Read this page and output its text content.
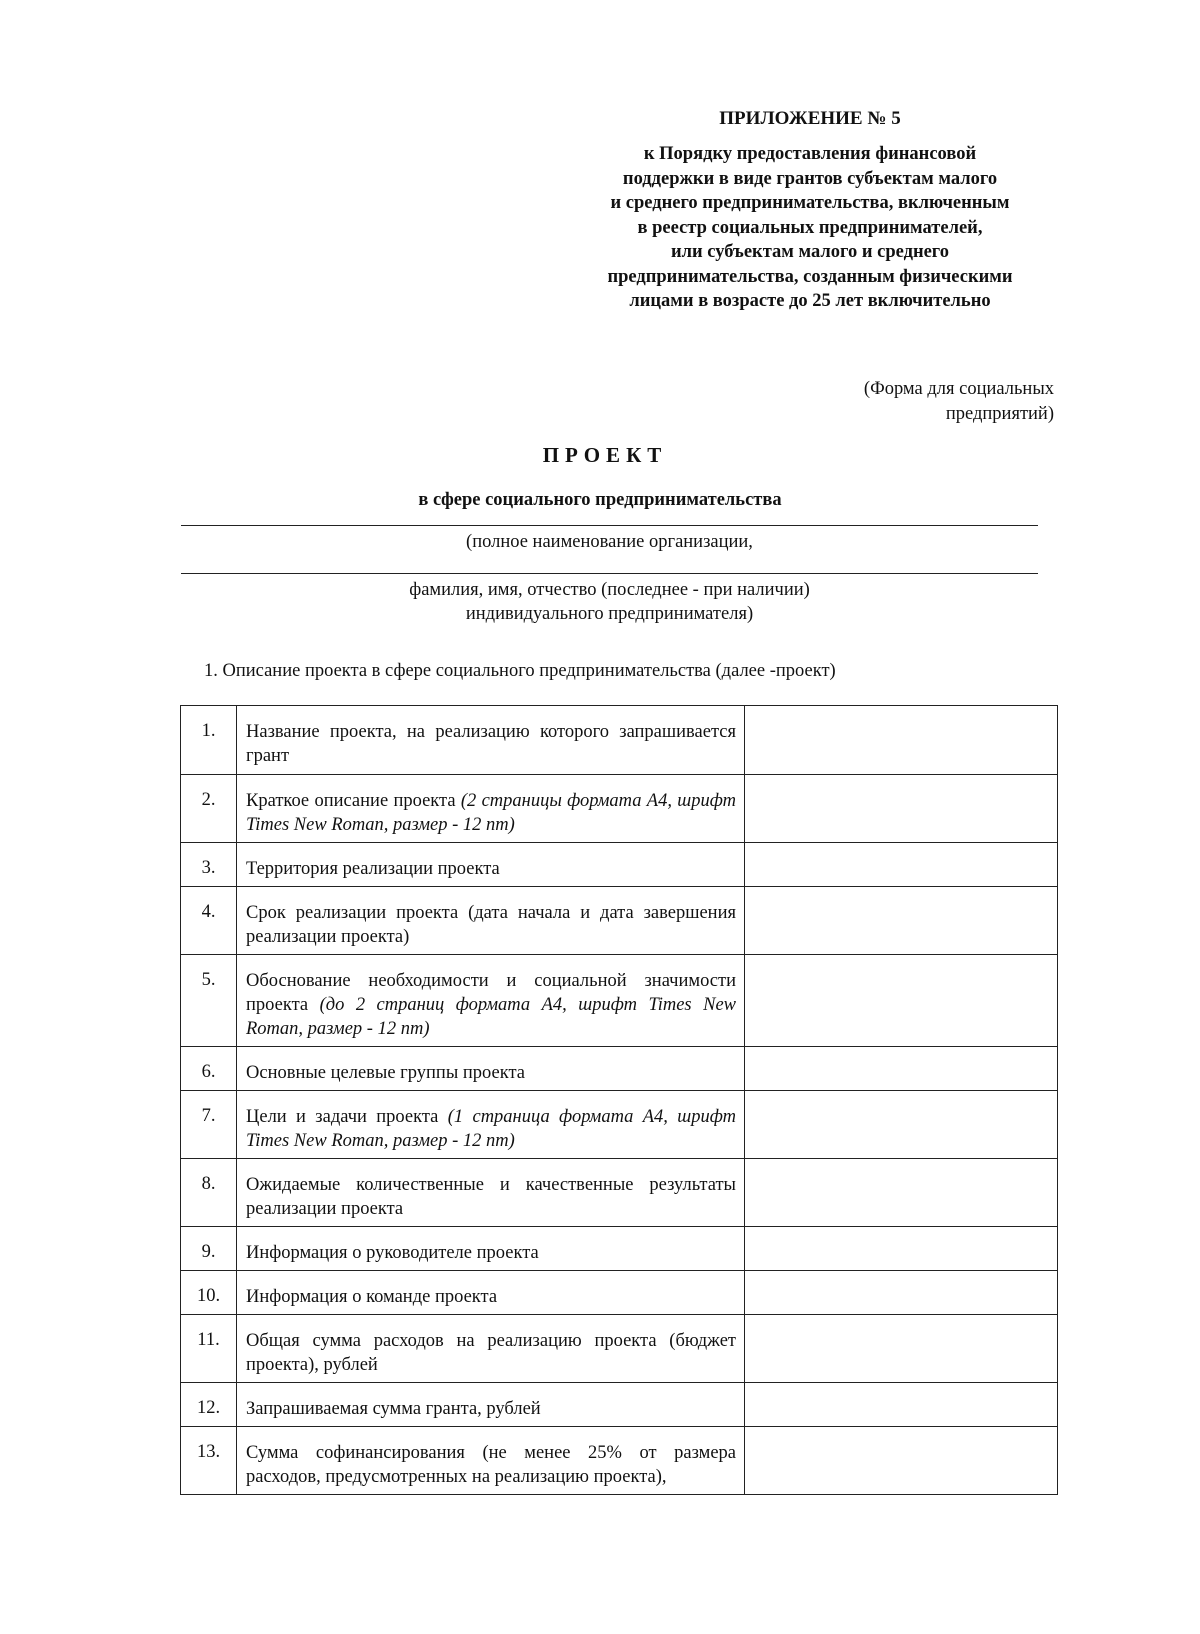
ПРИЛОЖЕНИЕ № 5
к Порядку предоставления финансовой
поддержки в виде грантов субъектам малого
и среднего предпринимательства, включенным
в реестр социальных предпринимателей,
или субъектам малого и среднего
предпринимательства, созданным физическими
лицами в возрасте до 25 лет включительно
(Форма для социальных
предприятий)
ПРОЕКТ
в сфере социального предпринимательства
(полное наименование организации,
фамилия, имя, отчество (последнее - при наличии)
индивидуального предпринимателя)
1. Описание проекта в сфере социального предпринимательства (далее -проект)
1.	Название проекта, на реализацию которого запрашивается грант	
2.	Краткое описание проекта (2 страницы формата А4, шрифт Times New Roman, размер - 12 пт)	
3.	Территория реализации проекта	
4.	Срок реализации проекта (дата начала и дата завершения реализации проекта)	
5.	Обоснование необходимости и социальной значимости проекта (до 2 страниц формата А4, шрифт Times New Roman, размер - 12 пт)	
6.	Основные целевые группы проекта	
7.	Цели и задачи проекта (1 страница формата А4, шрифт Times New Roman, размер - 12 пт)	
8.	Ожидаемые количественные и качественные результаты реализации проекта	
9.	Информация о руководителе проекта	
10.	Информация о команде проекта	
11.	Общая сумма расходов на реализацию проекта (бюджет проекта), рублей	
12.	Запрашиваемая сумма гранта, рублей	
13.	Сумма софинансирования (не менее 25% от размера расходов, предусмотренных на реализацию проекта),	
